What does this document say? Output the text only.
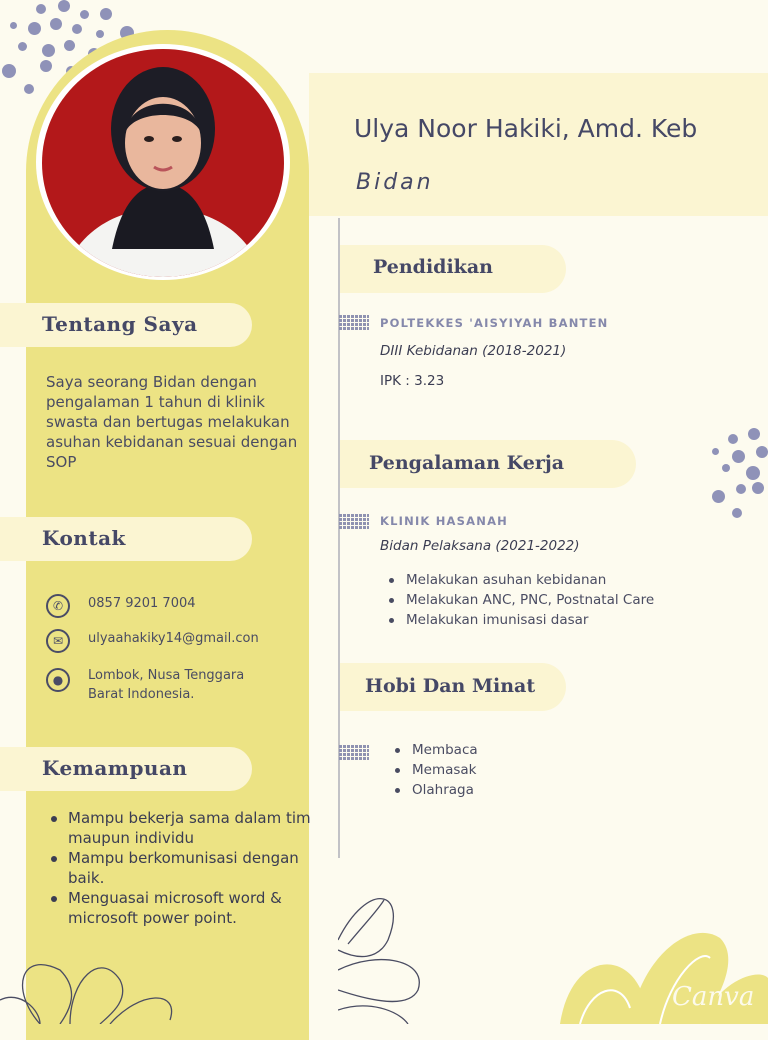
Tentang Saya
Saya seorang Bidan dengan pengalaman 1 tahun di klinik swasta dan bertugas melakukan asuhan kebidanan sesuai dengan SOP
Kontak
✆	0857 9201 7004
✉	ulyaahakiky14@gmail.con
●	Lombok, Nusa Tenggara
Barat Indonesia.
Kemampuan
Mampu bekerja sama dalam tim maupun individu
Mampu berkomunisasi dengan baik.
Menguasai microsoft word & microsoft power point.
Ulya Noor Hakiki, Amd. Keb
Bidan
Pendidikan
POLTEKKES 'AISYIYAH BANTEN
DIII Kebidanan (2018-2021)
IPK : 3.23
Pengalaman Kerja
KLINIK HASANAH
Bidan Pelaksana (2021-2022)
Melakukan asuhan kebidanan
Melakukan ANC, PNC, Postnatal Care
Melakukan imunisasi dasar
Hobi Dan Minat
Membaca
Memasak
Olahraga
Canva
